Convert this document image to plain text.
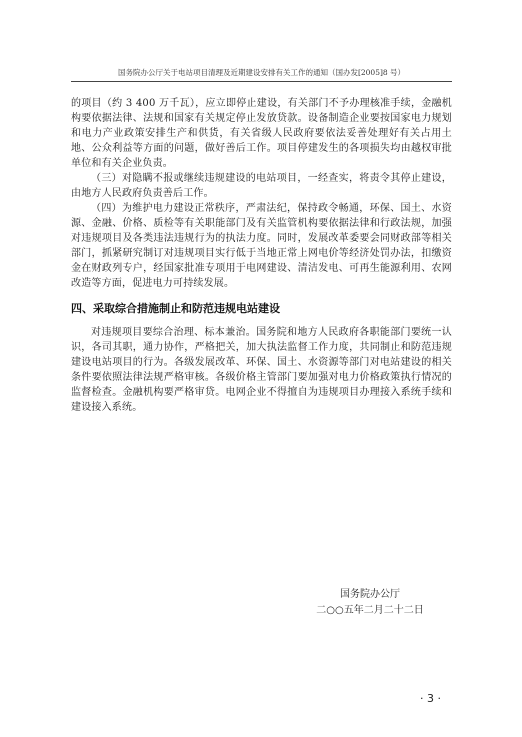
国务院办公厅关于电站项目清理及近期建设安排有关工作的通知（国办发[2005]8 号）

的项目（约 3 400 万千瓦），应立即停止建设，有关部门不予办理核准手续，金融机构要依据法律、法规和国家有关规定停止发放贷款。设备制造企业要按国家电力规划和电力产业政策安排生产和供货，有关省级人民政府要依法妥善处理好有关占用土地、公众利益等方面的问题，做好善后工作。项目停建发生的各项损失均由越权审批单位和有关企业负责。

（三）对隐瞒不报或继续违规建设的电站项目，一经查实，将责令其停止建设，由地方人民政府负责善后工作。

（四）为维护电力建设正常秩序，严肃法纪，保持政令畅通，环保、国土、水资源、金融、价格、质检等有关职能部门及有关监管机构要依据法律和行政法规，加强对违规项目及各类违法违规行为的执法力度。同时，发展改革委要会同财政部等相关部门，抓紧研究制订对违规项目实行低于当地正常上网电价等经济处罚办法，扣缴资金在财政列专户，经国家批准专项用于电网建设、清洁发电、可再生能源利用、农网改造等方面，促进电力可持续发展。

四、采取综合措施制止和防范违规电站建设

对违规项目要综合治理、标本兼治。国务院和地方人民政府各职能部门要统一认识，各司其职，通力协作，严格把关，加大执法监督工作力度，共同制止和防范违规建设电站项目的行为。各级发展改革、环保、国土、水资源等部门对电站建设的相关条件要依照法律法规严格审核。各级价格主管部门要加强对电力价格政策执行情况的监督检查。金融机构要严格审贷。电网企业不得擅自为违规项目办理接入系统手续和建设接入系统。

国务院办公厅
二○○五年二月二十二日
· 3 ·
